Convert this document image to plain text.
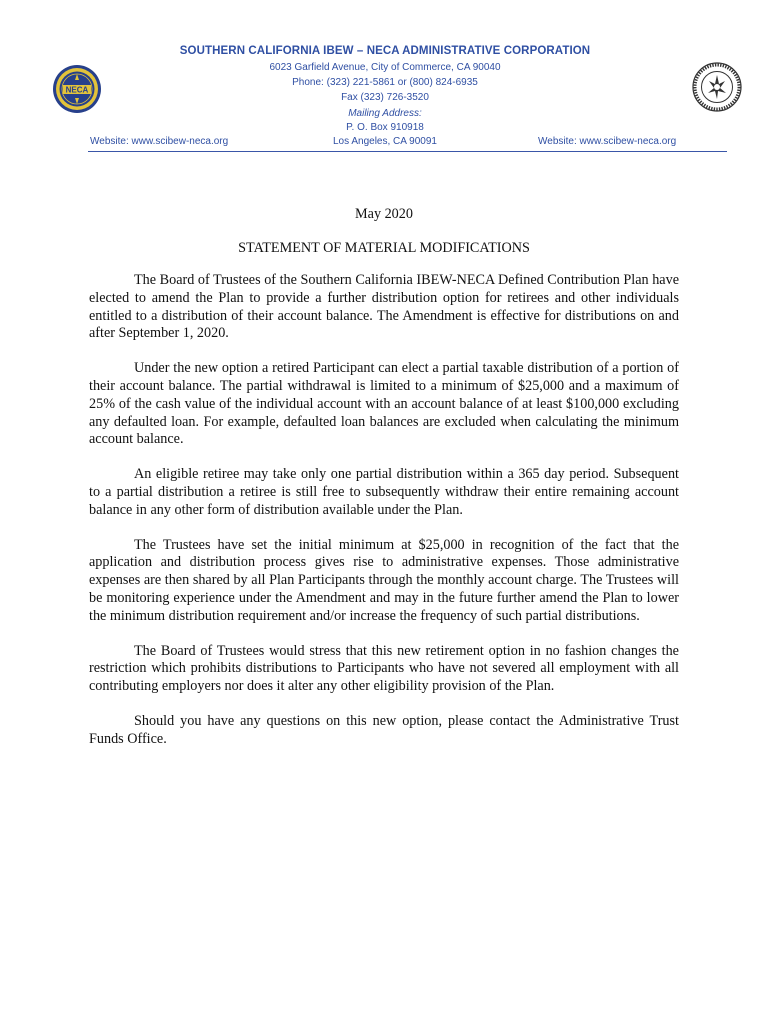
NECA
SOUTHERN CALIFORNIA IBEW – NECA ADMINISTRATIVE CORPORATION
6023 Garfield Avenue, City of Commerce, CA 90040
Phone: (323) 221-5861 or (800) 824-6935
Fax (323) 726-3520
Mailing Address:
P. O. Box 910918
Los Angeles, CA 90091
Website: www.scibew-neca.org	Website: www.scibew-neca.org
May 2020
STATEMENT OF MATERIAL MODIFICATIONS

The Board of Trustees of the Southern California IBEW-NECA Defined Contribution Plan have elected to amend the Plan to provide a further distribution option for retirees and other individuals entitled to a distribution of their account balance. The Amendment is effective for distributions on and after September 1, 2020.

Under the new option a retired Participant can elect a partial taxable distribution of a portion of their account balance. The partial withdrawal is limited to a minimum of $25,000 and a maximum of 25% of the cash value of the individual account with an account balance of at least $100,000 excluding any defaulted loan. For example, defaulted loan balances are excluded when calculating the minimum account balance.

An eligible retiree may take only one partial distribution within a 365 day period. Subsequent to a partial distribution a retiree is still free to subsequently withdraw their entire remaining account balance in any other form of distribution available under the Plan.

The Trustees have set the initial minimum at $25,000 in recognition of the fact that the application and distribution process gives rise to administrative expenses. Those administrative expenses are then shared by all Plan Participants through the monthly account charge. The Trustees will be monitoring experience under the Amendment and may in the future further amend the Plan to lower the minimum distribution requirement and/or increase the frequency of such partial distributions.

The Board of Trustees would stress that this new retirement option in no fashion changes the restriction which prohibits distributions to Participants who have not severed all employment with all contributing employers nor does it alter any other eligibility provision of the Plan.

Should you have any questions on this new option, please contact the Administrative Trust Funds Office.
